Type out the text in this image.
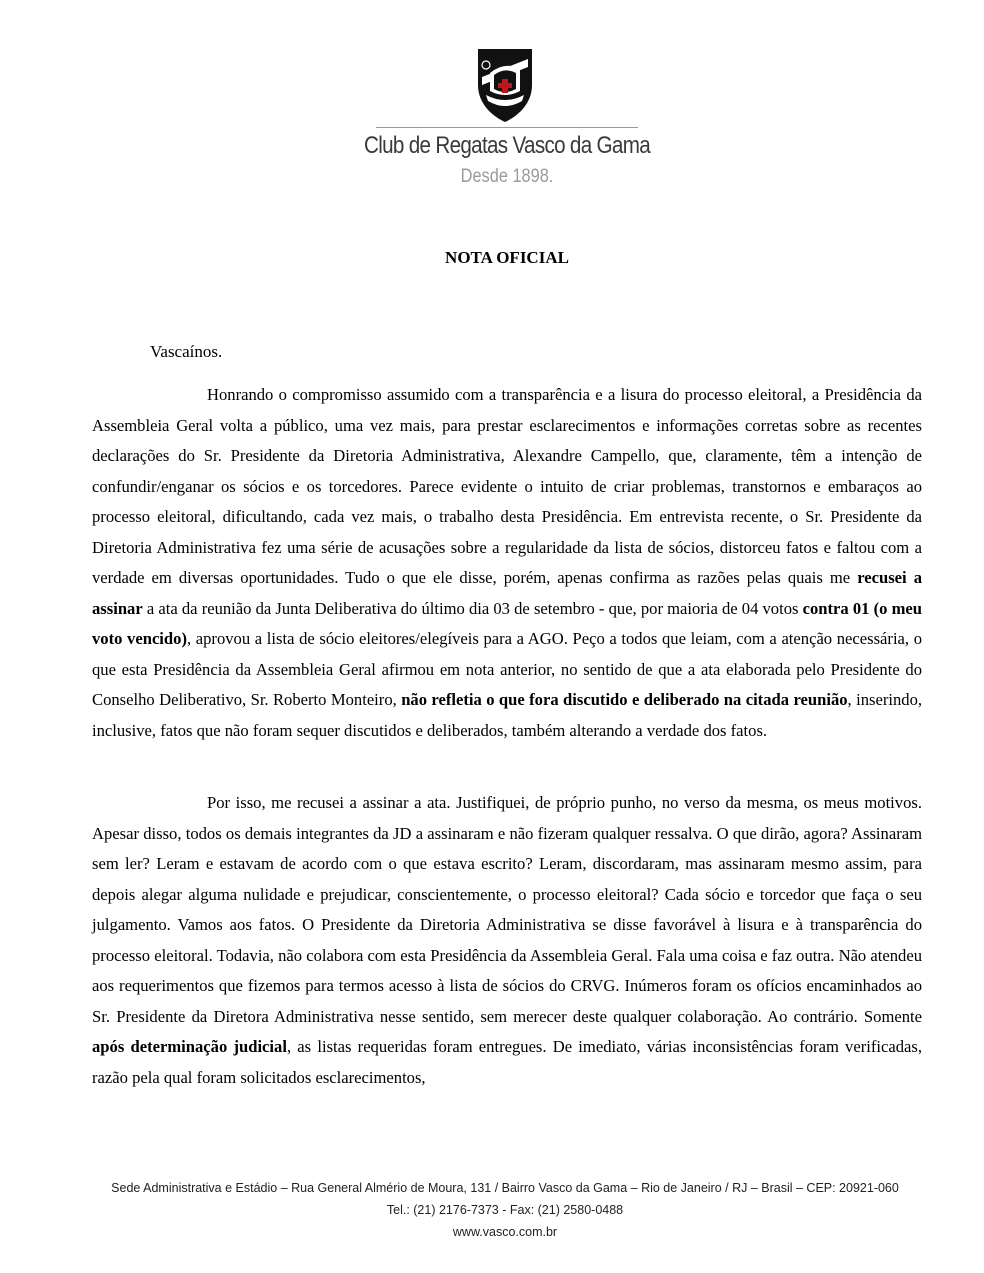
Club de Regatas Vasco da Gama
Desde 1898.
NOTA OFICIAL
Vascaínos.

Honrando o compromisso assumido com a transparência e a lisura do processo eleitoral, a Presidência da Assembleia Geral volta a público, uma vez mais, para prestar esclarecimentos e informações corretas sobre as recentes declarações do Sr. Presidente da Diretoria Administrativa, Alexandre Campello, que, claramente, têm a intenção de confundir/enganar os sócios e os torcedores. Parece evidente o intuito de criar problemas, transtornos e embaraços ao processo eleitoral, dificultando, cada vez mais, o trabalho desta Presidência. Em entrevista recente, o Sr. Presidente da Diretoria Administrativa fez uma série de acusações sobre a regularidade da lista de sócios, distorceu fatos e faltou com a verdade em diversas oportunidades. Tudo o que ele disse, porém, apenas confirma as razões pelas quais me recusei a assinar a ata da reunião da Junta Deliberativa do último dia 03 de setembro - que, por maioria de 04 votos contra 01 (o meu voto vencido), aprovou a lista de sócio eleitores/elegíveis para a AGO. Peço a todos que leiam, com a atenção necessária, o que esta Presidência da Assembleia Geral afirmou em nota anterior, no sentido de que a ata elaborada pelo Presidente do Conselho Deliberativo, Sr. Roberto Monteiro, não refletia o que fora discutido e deliberado na citada reunião, inserindo, inclusive, fatos que não foram sequer discutidos e deliberados, também alterando a verdade dos fatos.

Por isso, me recusei a assinar a ata. Justifiquei, de próprio punho, no verso da mesma, os meus motivos. Apesar disso, todos os demais integrantes da JD a assinaram e não fizeram qualquer ressalva. O que dirão, agora? Assinaram sem ler? Leram e estavam de acordo com o que estava escrito? Leram, discordaram, mas assinaram mesmo assim, para depois alegar alguma nulidade e prejudicar, conscientemente, o processo eleitoral? Cada sócio e torcedor que faça o seu julgamento. Vamos aos fatos. O Presidente da Diretoria Administrativa se disse favorável à lisura e à transparência do processo eleitoral. Todavia, não colabora com esta Presidência da Assembleia Geral. Fala uma coisa e faz outra. Não atendeu aos requerimentos que fizemos para termos acesso à lista de sócios do CRVG. Inúmeros foram os ofícios encaminhados ao Sr. Presidente da Diretora Administrativa nesse sentido, sem merecer deste qualquer colaboração. Ao contrário. Somente após determinação judicial, as listas requeridas foram entregues. De imediato, várias inconsistências foram verificadas, razão pela qual foram solicitados esclarecimentos,

Sede Administrativa e Estádio – Rua General Almério de Moura, 131 / Bairro Vasco da Gama – Rio de Janeiro / RJ – Brasil – CEP: 20921-060
Tel.: (21) 2176-7373 - Fax: (21) 2580-0488
www.vasco.com.br
